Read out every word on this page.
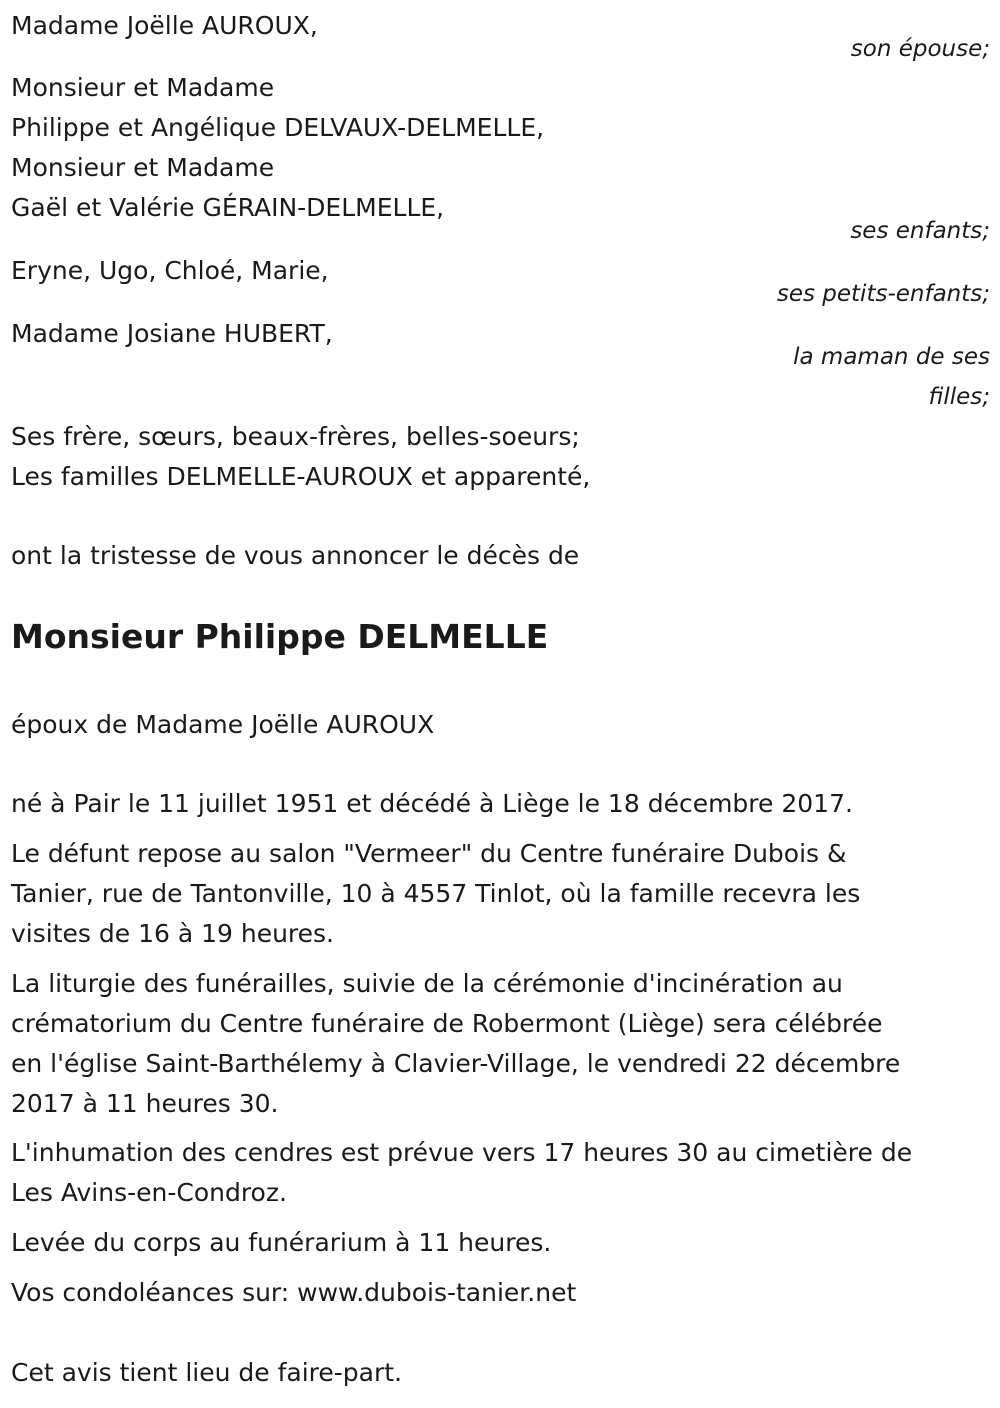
Madame Joëlle AUROUX,
son épouse;
Monsieur et Madame
Philippe et Angélique DELVAUX-DELMELLE,
Monsieur et Madame
Gaël et Valérie GÉRAIN-DELMELLE,
ses enfants;
Eryne, Ugo, Chloé, Marie,
ses petits-enfants;
Madame Josiane HUBERT,
la maman de ses
filles;
Ses frère, sœurs, beaux-frères, belles-soeurs;
Les familles DELMELLE-AUROUX et apparenté,
ont la tristesse de vous annoncer le décès de
Monsieur Philippe DELMELLE
époux de Madame Joëlle AUROUX
né à Pair le 11 juillet 1951 et décédé à Liège le 18 décembre 2017.
Le défunt repose au salon "Vermeer" du Centre funéraire Dubois &
Tanier, rue de Tantonville, 10 à 4557 Tinlot, où la famille recevra les
visites de 16 à 19 heures.
La liturgie des funérailles, suivie de la cérémonie d'incinération au
crématorium du Centre funéraire de Robermont (Liège) sera célébrée
en l'église Saint-Barthélemy à Clavier-Village, le vendredi 22 décembre
2017 à 11 heures 30.
L'inhumation des cendres est prévue vers 17 heures 30 au cimetière de
Les Avins-en-Condroz.
Levée du corps au funérarium à 11 heures.
Vos condoléances sur: www.dubois-tanier.net
Cet avis tient lieu de faire-part.
